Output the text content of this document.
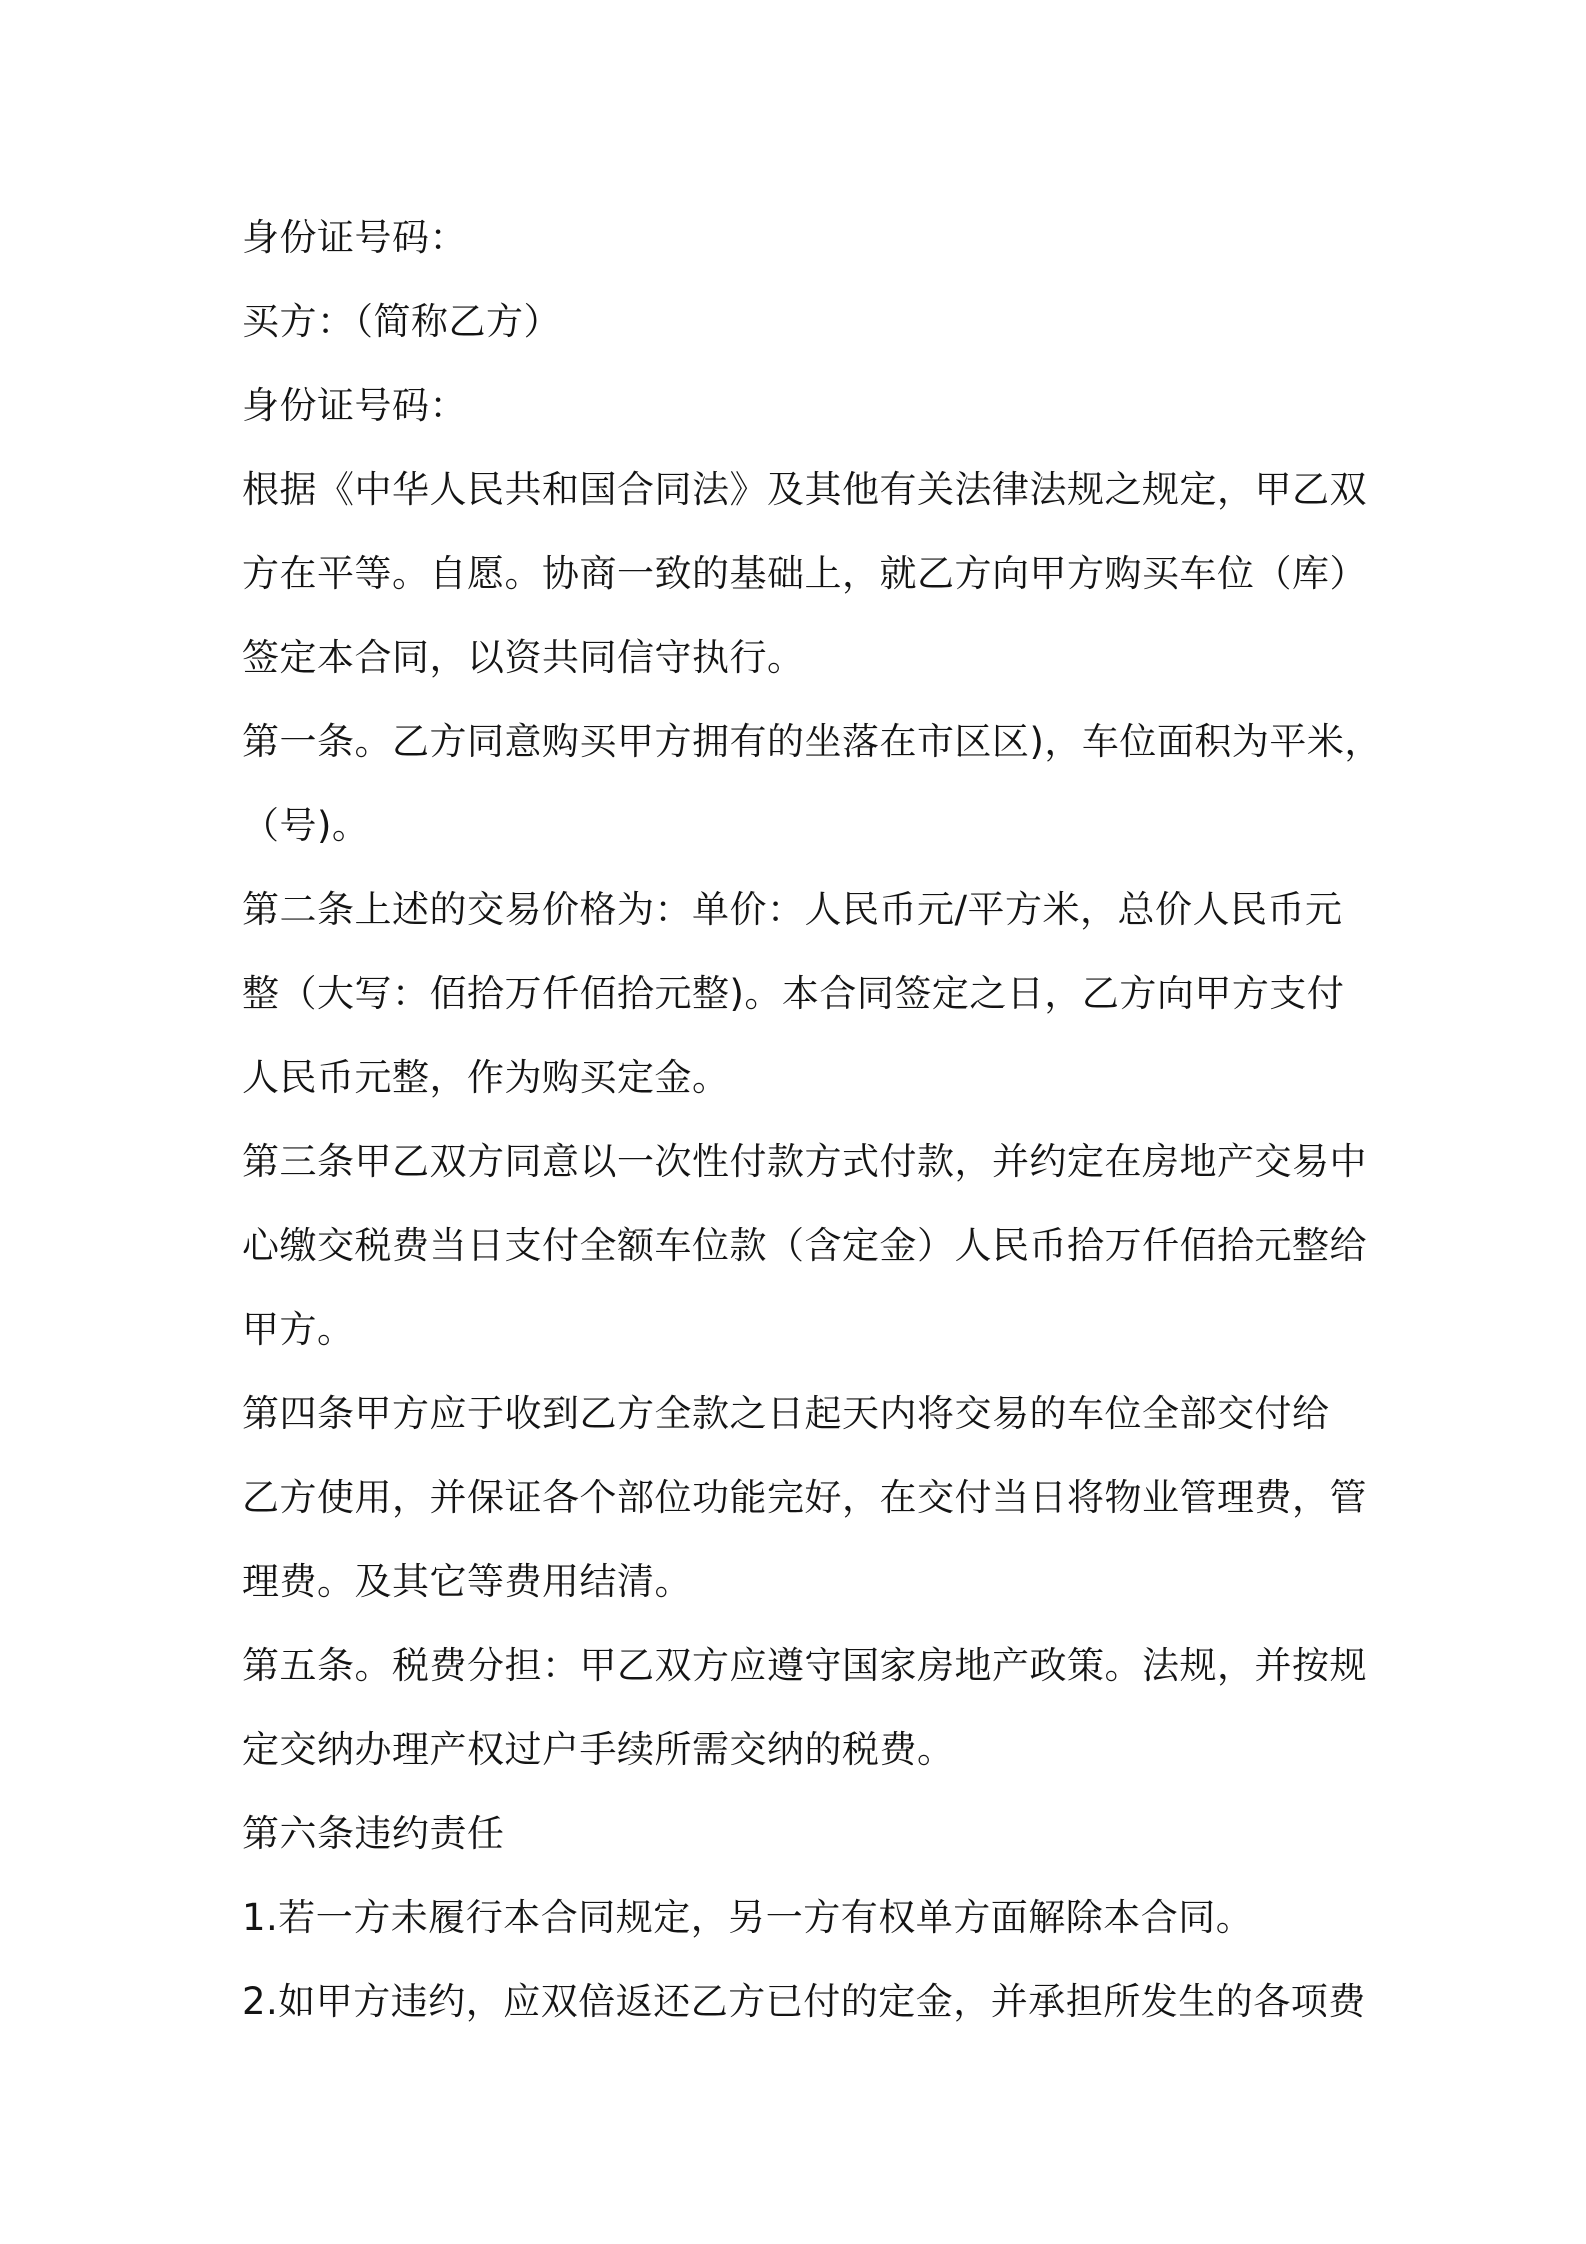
身份证号码：
买方：（简称乙方）
身份证号码：
根据《中华人民共和国合同法》及其他有关法律法规之规定，甲乙双
方在平等。自愿。协商一致的基础上，就乙方向甲方购买车位（库）
签定本合同，以资共同信守执行。
第一条。乙方同意购买甲方拥有的坐落在市区区)，车位面积为平米，
（号)。
第二条上述的交易价格为：单价：人民币元/平方米，总价人民币元
整（大写：佰拾万仟佰拾元整)。本合同签定之日，乙方向甲方支付
人民币元整，作为购买定金。
第三条甲乙双方同意以一次性付款方式付款，并约定在房地产交易中
心缴交税费当日支付全额车位款（含定金）人民币拾万仟佰拾元整给
甲方。
第四条甲方应于收到乙方全款之日起天内将交易的车位全部交付给
乙方使用，并保证各个部位功能完好，在交付当日将物业管理费，管
理费。及其它等费用结清。
第五条。税费分担：甲乙双方应遵守国家房地产政策。法规，并按规
定交纳办理产权过户手续所需交纳的税费。
第六条违约责任
1.若一方未履行本合同规定，另一方有权单方面解除本合同。
2.如甲方违约，应双倍返还乙方已付的定金，并承担所发生的各项费
